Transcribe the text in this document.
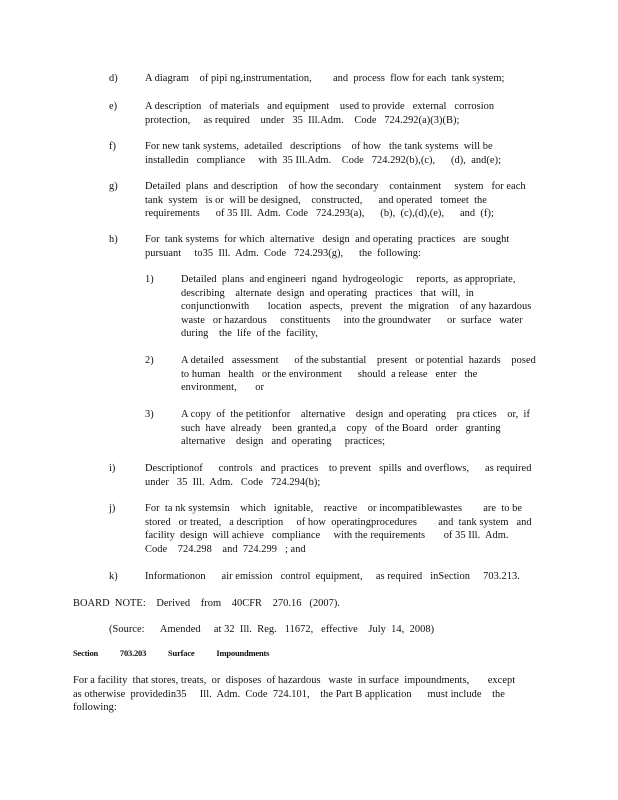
d)	A diagram    of pipi ng,instrumentation,        and  process  flow for each  tank system;
e)	A description   of materials   and equipment    used to provide   external   corrosion
protection,     as required    under   35  Ill.Adm.    Code   724.292(a)(3)(B);
f)	For new tank systems,  adetailed   descriptions    of how   the tank systems  will be
installedin   compliance     with  35 Ill.Adm.    Code   724.292(b),(c),      (d),  and(e);
g)	Detailed  plans  and description    of how the secondary    containment     system   for each
tank  system   is or  will be designed,    constructed,      and operated   tomeet  the
requirements      of 35 Ill.  Adm.  Code   724.293(a),      (b),  (c),(d),(e),      and  (f);
h)	For  tank systems  for which  alternative   design  and operating  practices   are  sought
pursuant     to35  Ill.  Adm.  Code   724.293(g),      the  following:
1)	Detailed  plans  and engineeri  ngand  hydrogeologic     reports,  as appropriate,
describing    alternate  design  and operating   practices   that  will,  in
conjunctionwith       location   aspects,   prevent   the  migration    of any hazardous
waste   or hazardous     constituents     into the groundwater      or  surface   water
during    the  life  of the  facility,
2)	A detailed   assessment      of the substantial    present   or potential  hazards    posed
to human   health   or the environment      should  a release   enter   the
environment,       or
3)	A copy  of  the petitionfor    alternative    design  and operating    pra ctices    or,  if
such  have  already    been  granted,a    copy   of the Board   order   granting
alternative    design   and  operating     practices;
i)	Descriptionof      controls   and  practices    to prevent   spills  and overflows,      as required
under   35  Ill.  Adm.   Code   724.294(b);
j)	For  ta nk systemsin    which   ignitable,    reactive    or incompatiblewastes        are  to be
stored   or treated,   a description     of how  operatingprocedures        and  tank system   and
facility  design  will achieve   compliance     with the requirements       of 35 Ill.  Adm.
Code    724.298    and  724.299   ; and
k)	Informationon      air emission   control  equipment,     as required   inSection     703.213.
BOARD  NOTE:    Derived    from    40CFR    270.16   (2007).
(Source:      Amended     at 32  Ill.  Reg.   11672,   effective    July  14,  2008)
Section	703.203	Surface	Impoundments
For a facility  that stores, treats,  or  disposes  of hazardous   waste  in surface  impoundments,       except
as otherwise  providedin35     Ill.  Adm.  Code  724.101,    the Part B application      must include    the
following:
